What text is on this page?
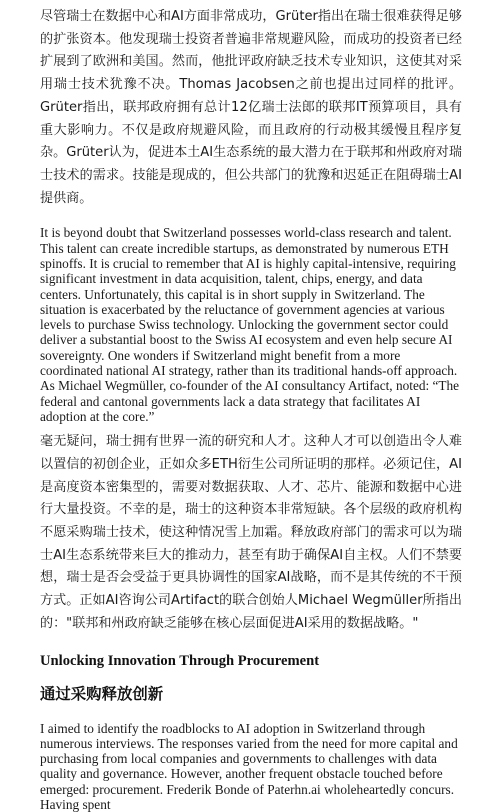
尽管瑞士在数据中心和AI方面非常成功，Grüter指出在瑞士很难获得足够的扩张资本。他发现瑞士投资者普遍非常规避风险，而成功的投资者已经扩展到了欧洲和美国。然而，他批评政府缺乏技术专业知识，这使其对采用瑞士技术犹豫不决。Thomas Jacobsen之前也提出过同样的批评。Grüter指出，联邦政府拥有总计12亿瑞士法郎的联邦IT预算项目，具有重大影响力。不仅是政府规避风险，而且政府的行动极其缓慢且程序复杂。Grüter认为，促进本土AI生态系统的最大潜力在于联邦和州政府对瑞士技术的需求。技能是现成的，但公共部门的犹豫和迟延正在阻碍瑞士AI提供商。

It is beyond doubt that Switzerland possesses world-class research and talent. This talent can create incredible startups, as demonstrated by numerous ETH spinoffs. It is crucial to remember that AI is highly capital-intensive, requiring significant investment in data acquisition, talent, chips, energy, and data centers. Unfortunately, this capital is in short supply in Switzerland. The situation is exacerbated by the reluctance of government agencies at various levels to purchase Swiss technology. Unlocking the government sector could deliver a substantial boost to the Swiss AI ecosystem and even help secure AI sovereignty. One wonders if Switzerland might benefit from a more coordinated national AI strategy, rather than its traditional hands-off approach. As Michael Wegmüller, co-founder of the AI consultancy Artifact, noted: “The federal and cantonal governments lack a data strategy that facilitates AI adoption at the core.”

毫无疑问，瑞士拥有世界一流的研究和人才。这种人才可以创造出令人难以置信的初创企业，正如众多ETH衍生公司所证明的那样。必须记住，AI是高度资本密集型的，需要对数据获取、人才、芯片、能源和数据中心进行大量投资。不幸的是，瑞士的这种资本非常短缺。各个层级的政府机构不愿采购瑞士技术，使这种情况雪上加霜。释放政府部门的需求可以为瑞士AI生态系统带来巨大的推动力，甚至有助于确保AI自主权。人们不禁要想，瑞士是否会受益于更具协调性的国家AI战略，而不是其传统的不干预方式。正如AI咨询公司Artifact的联合创始人Michael Wegmüller所指出的："联邦和州政府缺乏能够在核心层面促进AI采用的数据战略。"

Unlocking Innovation Through Procurement
通过采购释放创新

I aimed to identify the roadblocks to AI adoption in Switzerland through numerous interviews. The responses varied from the need for more capital and purchasing from local companies and governments to challenges with data quality and governance. However, another frequent obstacle touched before emerged: procurement. Frederik Bonde of Paterhn.ai wholeheartedly concurs. Having spent
